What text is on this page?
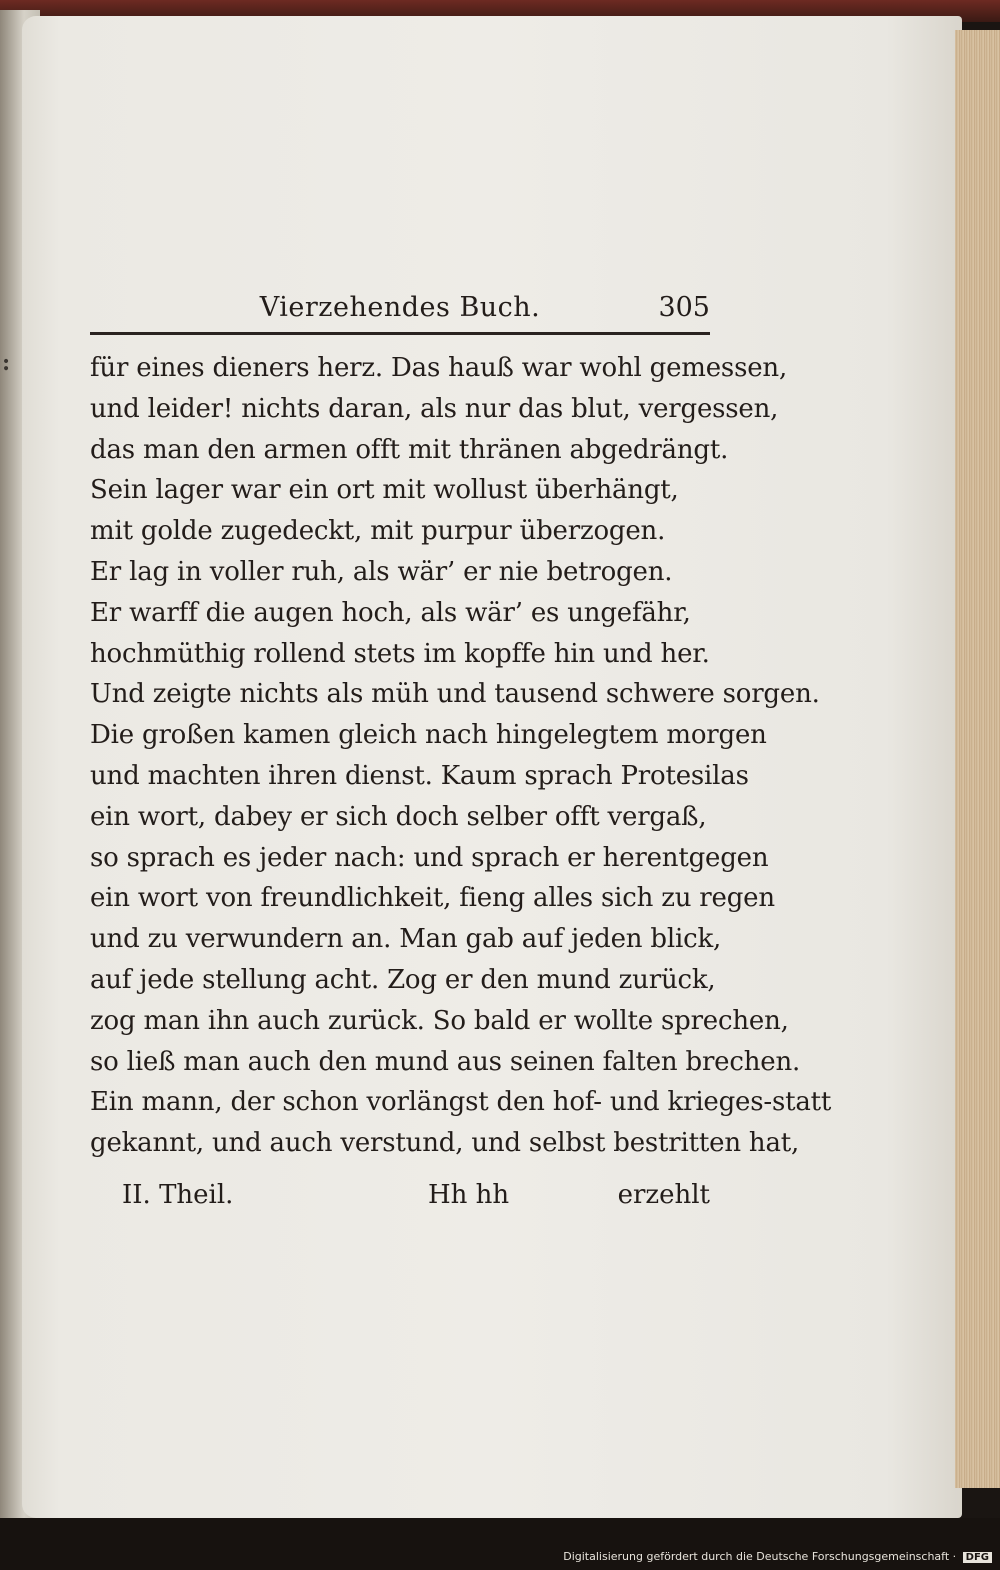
:
Vierzehendes Buch.	305
für eines dieners herz. Das hauß war wohl gemessen,
und leider! nichts daran, als nur das blut, vergessen,
das man den armen offt mit thränen abgedrängt.
Sein lager war ein ort mit wollust überhängt,
mit golde zugedeckt, mit purpur überzogen.
Er lag in voller ruh, als wär’ er nie betrogen.
Er warff die augen hoch, als wär’ es ungefähr,
hochmüthig rollend stets im kopffe hin und her.
Und zeigte nichts als müh und tausend schwere sorgen.
Die großen kamen gleich nach hingelegtem morgen
und machten ihren dienst. Kaum sprach Protesilas
ein wort, dabey er sich doch selber offt vergaß,
so sprach es jeder nach: und sprach er herentgegen
ein wort von freundlichkeit, fieng alles sich zu regen
und zu verwundern an. Man gab auf jeden blick,
auf jede stellung acht. Zog er den mund zurück,
zog man ihn auch zurück. So bald er wollte sprechen,
so ließ man auch den mund aus seinen falten brechen.
Ein mann, der schon vorlängst den hof- und krieges-statt
gekannt, und auch verstund, und selbst bestritten hat,
II. Theil.	Hh hh	erzehlt
Digitalisierung gefördert durch die Deutsche Forschungsgemeinschaft · DFG
